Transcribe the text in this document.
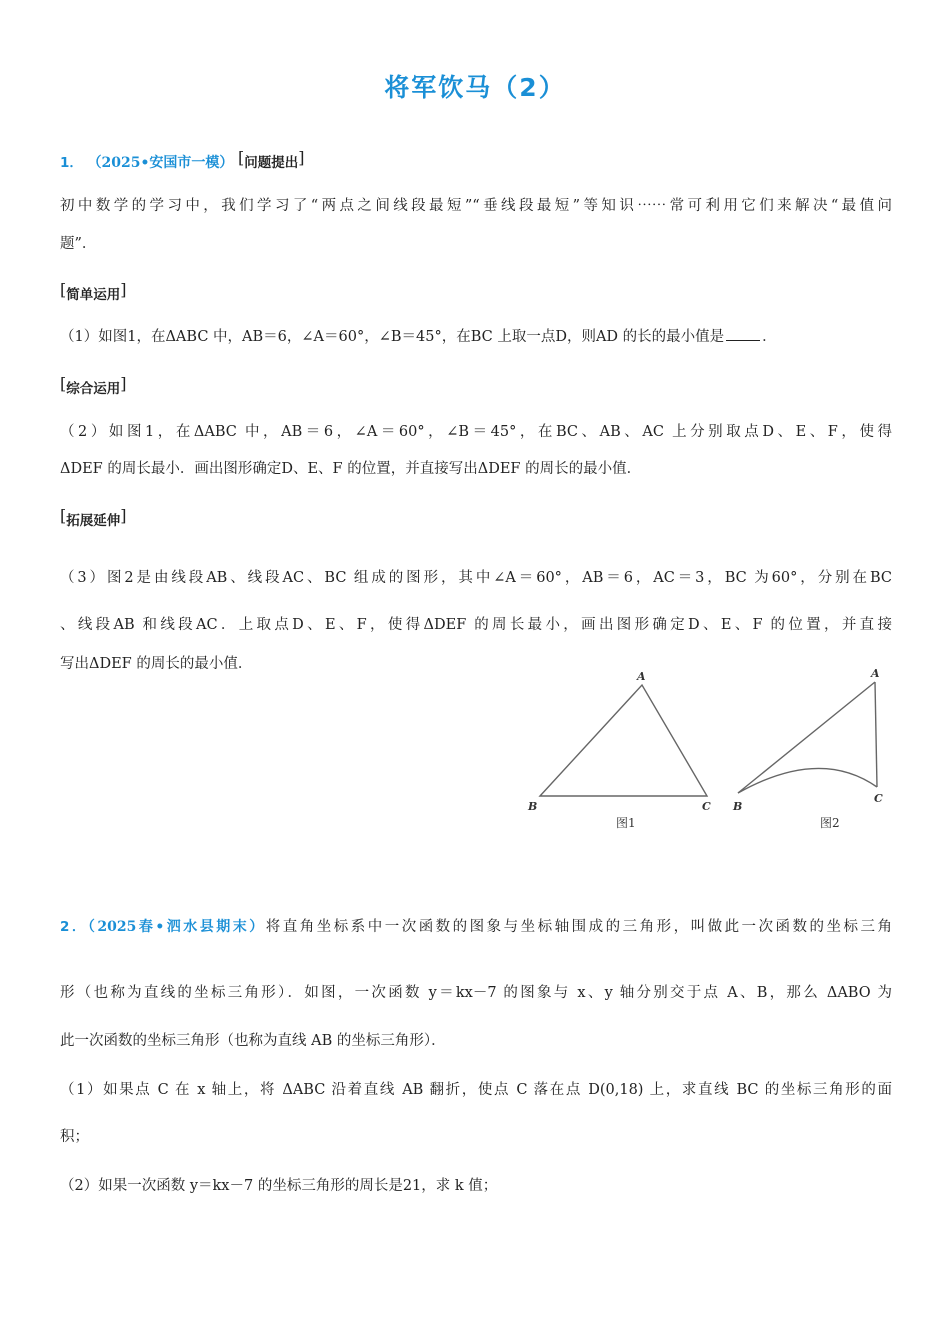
将军饮马（2）
1． （2025•安国市一模） [问题提出]
初中数学的学习中，我们学习了“两点之间线段最短”“垂线段最短”等知识⋯⋯常可利用它们来解决“最值问
题”．
[简单运用]
（1）如图1，在ΔABC 中，AB＝6，∠A＝60°，∠B＝45°，在BC 上取一点D，则AD 的长的最小值是	．
[综合运用]
（2）如图1，在ΔABC 中，AB＝6，∠A＝60°，∠B＝45°，在BC、AB、AC 上分别取点D、E、F，使得
ΔDEF 的周长最小．画出图形确定D、E、F 的位置，并直接写出ΔDEF 的周长的最小值．
[拓展延伸]
（3）图2是由线段AB、线段AC、BC 组成的图形，其中∠A＝60°，AB＝6，AC＝3，BC 为60°，分别在BC
、线段AB 和线段AC．上取点D、E、F，使得ΔDEF 的周长最小，画出图形确定D、E、F 的位置，并直接
写出ΔDEF 的周长的最小值．
A
B	C
图1
A
B
C
图2
2．（2025春•泗水县期末）将直角坐标系中一次函数的图象与坐标轴围成的三角形，叫做此一次函数的坐标三角
形（也称为直线的坐标三角形）．如图，一次函数 y＝kx－7 的图象与 x、y 轴分别交于点 A、B，那么 ΔABO 为
此一次函数的坐标三角形（也称为直线 AB 的坐标三角形）．
（1）如果点 C 在 x 轴上，将 ΔABC 沿着直线 AB 翻折，使点 C 落在点 D(0,18) 上，求直线 BC 的坐标三角形的面
积；
（2）如果一次函数 y＝kx－7 的坐标三角形的周长是21，求 k 值；
